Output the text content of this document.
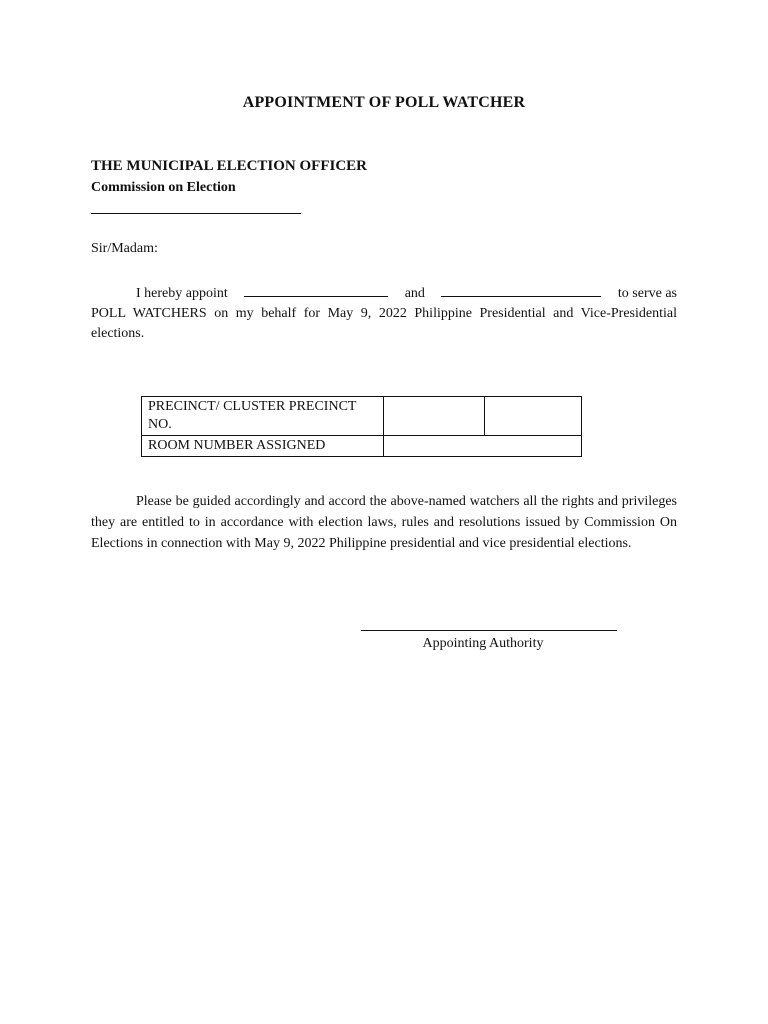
APPOINTMENT OF POLL WATCHER
THE MUNICIPAL ELECTION OFFICER
Commission on Election
Sir/Madam:
I hereby appoint	and	to serve as
POLL WATCHERS on my behalf for May 9, 2022 Philippine Presidential and Vice-Presidential elections.
PRECINCT/ CLUSTER PRECINCT NO.		
ROOM NUMBER ASSIGNED		
Please be guided accordingly and accord the above-named watchers all the rights and privileges they are entitled to in accordance with election laws, rules and resolutions issued by Commission On Elections in connection with May 9, 2022 Philippine presidential and vice presidential elections.
Appointing Authority
